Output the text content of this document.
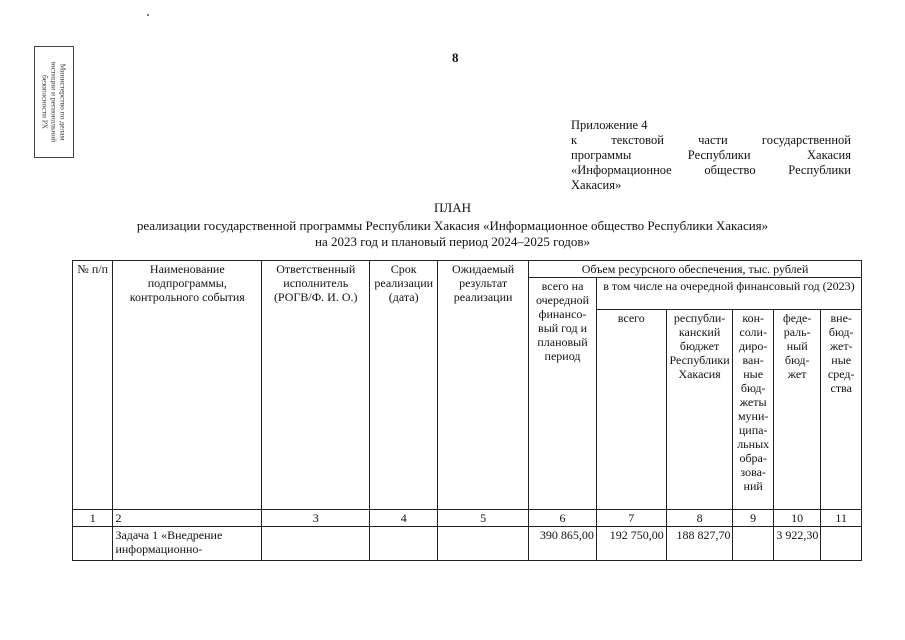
Министерство по делам
юстиции и региональной
безопасности РХ
8
Приложение 4
к текстовой части государственной
программы Республики Хакасия
«Информационное общество Республики
Хакасия»
ПЛАН
реализации государственной программы Республики Хакасия «Информационное общество Республики Хакасия»
на 2023 год и плановый период 2024–2025 годов»
№ п/п	Наименование подпрограммы, контрольного события	Ответственный исполнитель (РОГВ/Ф. И. О.)	Срок реализации (дата)	Ожидаемый результат реализации	Объем ресурсного обеспечения, тыс. рублей					
					всего на очередной финансо-вый год и плановый период	в том числе на очередной финансовый год (2023)				
						всего	республи-канский бюджет Республики Хакасия	кон-соли-диро-ван-ные бюд-жеты муни-ципа-льных обра-зова-ний	феде-раль-ный бюд-жет	вне-бюд-жет-ные сред-ства
1	2	3	4	5	6	7	8	9	10	11
	Задача 1 «Внедрение информационно-				390 865,00	192 750,00	188 827,70		3 922,30	
